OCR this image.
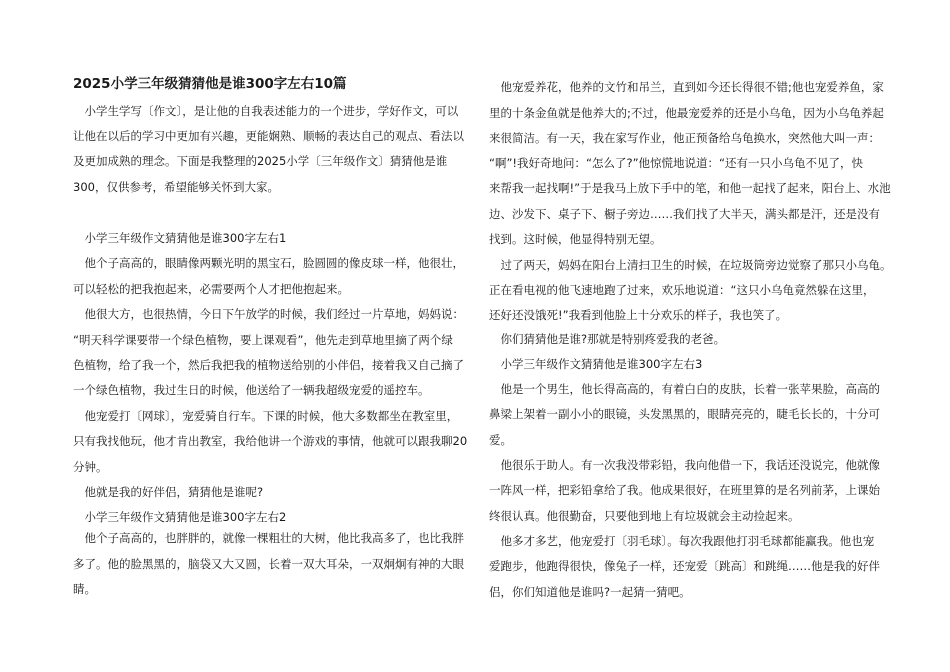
2025小学三年级猜猜他是谁300字左右10篇
　小学生学写〔作文〕，是让他的自我表述能力的一个进步，学好作文，可以
让他在以后的学习中更加有兴趣，更能娴熟、顺畅的表达自己的观点、看法以
及更加成熟的理念。下面是我整理的2025小学〔三年级作文〕猜猜他是谁
300，仅供参考，希望能够关怀到大家。
　小学三年级作文猜猜他是谁300字左右1
　他个子高高的，眼睛像两颗光明的黑宝石，脸圆圆的像皮球一样，他很壮，
可以轻松的把我抱起来，必需要两个人才把他抱起来。
　他很大方，也很热情，今日下午放学的时候，我们经过一片草地，妈妈说：
“明天科学课要带一个绿色植物，要上课观看”，他先走到草地里摘了两个绿
色植物，给了我一个，然后我把我的植物送给别的小伴侣，接着我又自己摘了
一个绿色植物，我过生日的时候，他送给了一辆我超级宠爱的遥控车。
　他宠爱打〔网球〕，宠爱骑自行车。下课的时候，他大多数都坐在教室里，
只有我找他玩，他才肯出教室，我给他讲一个游戏的事情，他就可以跟我聊20
分钟。
　他就是我的好伴侣，猜猜他是谁呢?
　小学三年级作文猜猜他是谁300字左右2
　他个子高高的，也胖胖的，就像一棵粗壮的大树，他比我高多了，也比我胖
多了。他的脸黑黑的，脑袋又大又圆，长着一双大耳朵，一双炯炯有神的大眼
睛。
　他宠爱养花，他养的文竹和吊兰，直到如今还长得很不错;他也宠爱养鱼，家
里的十条金鱼就是他养大的;不过，他最宠爱养的还是小乌龟，因为小乌龟养起
来很简洁。有一天，我在家写作业，他正预备给乌龟换水，突然他大叫一声：
“啊”!我好奇地问：“怎么了?”他惊慌地说道：“还有一只小乌龟不见了，快
来帮我一起找啊!”于是我马上放下手中的笔，和他一起找了起来，阳台上、水池
边、沙发下、桌子下、橱子旁边……我们找了大半天，满头都是汗，还是没有
找到。这时候，他显得特别无望。
　过了两天，妈妈在阳台上清扫卫生的时候，在垃圾筒旁边觉察了那只小乌龟。
正在看电视的他飞速地跑了过来，欢乐地说道：“这只小乌龟竟然躲在这里，
还好还没饿死!”我看到他脸上十分欢乐的样子，我也笑了。
　你们猜猜他是谁?那就是特别疼爱我的老爸。
　小学三年级作文猜猜他是谁300字左右3
　他是一个男生，他长得高高的，有着白白的皮肤，长着一张苹果脸，高高的
鼻梁上架着一副小小的眼镜，头发黑黑的，眼睛亮亮的，睫毛长长的，十分可
爱。
　他很乐于助人。有一次我没带彩铅，我向他借一下，我话还没说完，他就像
一阵风一样，把彩铅拿给了我。他成果很好，在班里算的是名列前茅，上课始
终很认真。他很勤奋，只要他到地上有垃圾就会主动捡起来。
　他多才多艺，他宠爱打〔羽毛球〕。每次我跟他打羽毛球都能赢我。他也宠
爱跑步，他跑得很快，像兔子一样，还宠爱〔跳高〕和跳绳……他是我的好伴
侣，你们知道他是谁吗?一起猜一猜吧。
